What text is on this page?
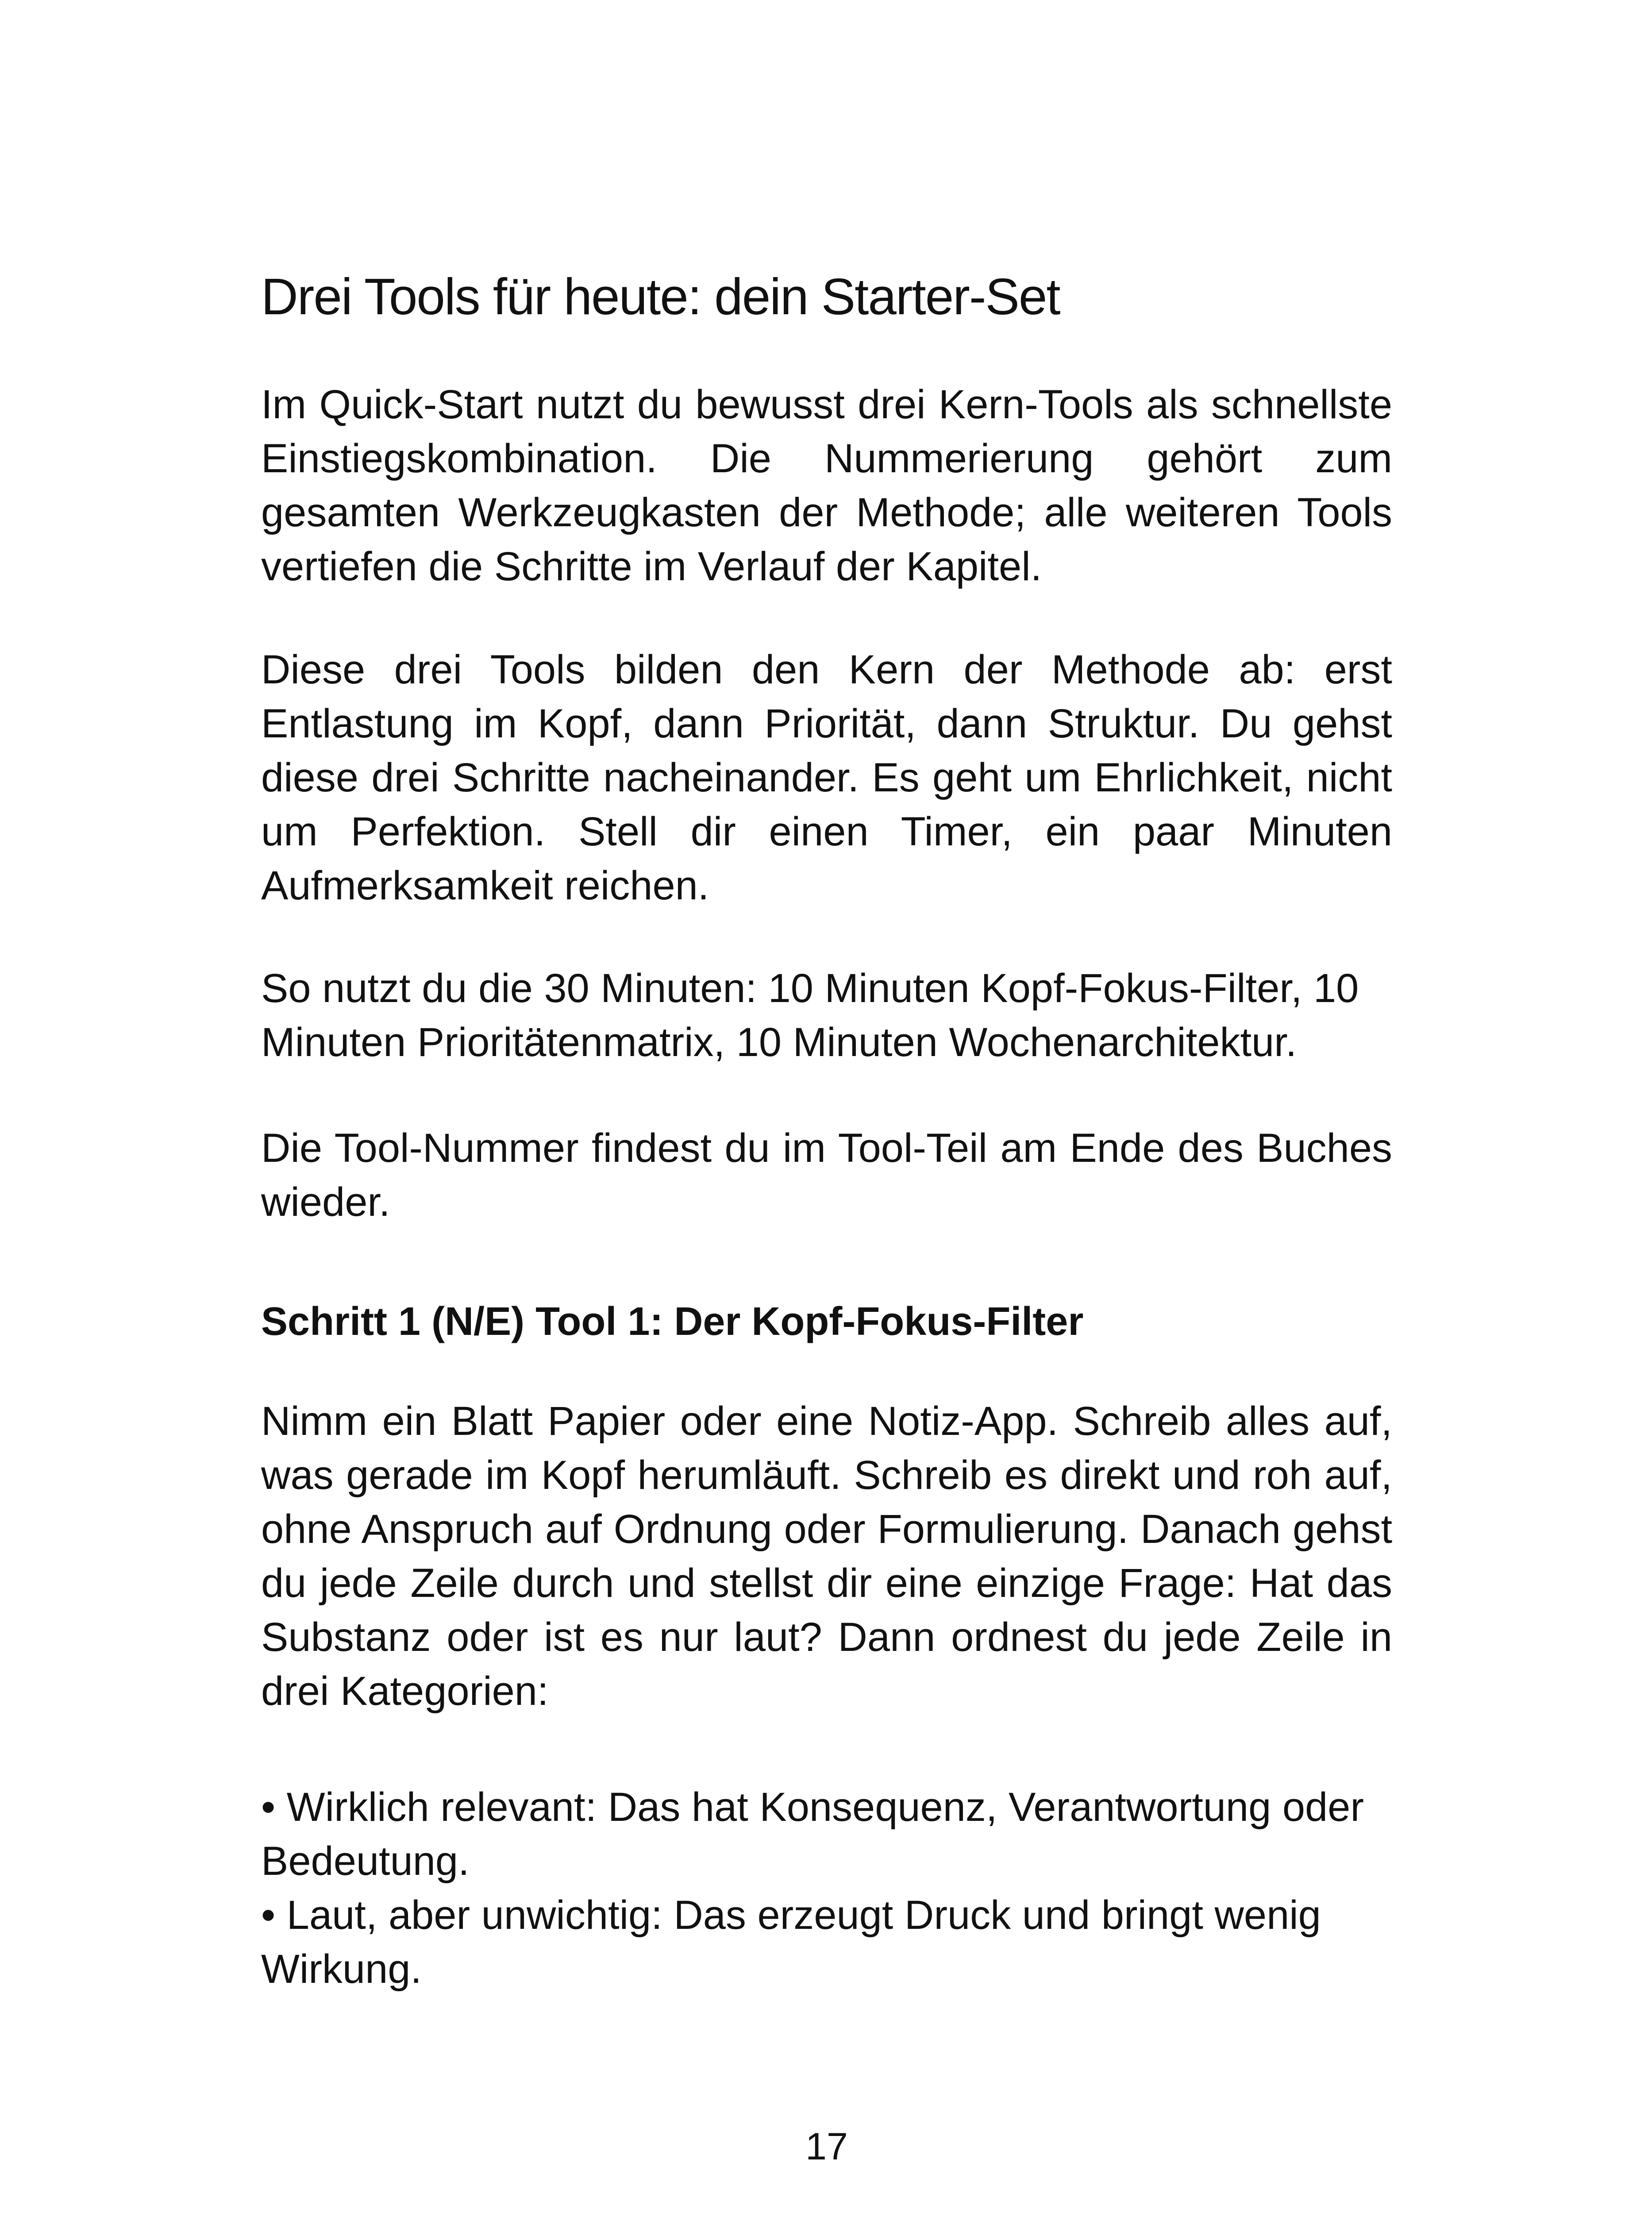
Drei Tools für heute: dein Starter-Set

Im Quick-Start nutzt du bewusst drei Kern-Tools als schnellste Einstiegskombination. Die Nummerierung gehört zum gesamten Werkzeugkasten der Methode; alle weiteren Tools vertiefen die Schritte im Verlauf der Kapitel.

Diese drei Tools bilden den Kern der Methode ab: erst Entlastung im Kopf, dann Priorität, dann Struktur. Du gehst diese drei Schritte nacheinander. Es geht um Ehrlichkeit, nicht um Perfektion. Stell dir einen Timer, ein paar Minuten Aufmerksamkeit reichen.

So nutzt du die 30 Minuten: 10 Minuten Kopf-Fokus-Filter, 10 Minuten Prioritätenmatrix, 10 Minuten Wochenarchitektur.

Die Tool-Nummer findest du im Tool-Teil am Ende des Buches wieder.

Schritt 1 (N/E) Tool 1: Der Kopf-Fokus-Filter

Nimm ein Blatt Papier oder eine Notiz-App. Schreib alles auf, was gerade im Kopf herumläuft. Schreib es direkt und roh auf, ohne Anspruch auf Ordnung oder Formulierung. Danach gehst du jede Zeile durch und stellst dir eine einzige Frage: Hat das Substanz oder ist es nur laut? Dann ordnest du jede Zeile in drei Kategorien:

• Wirklich relevant: Das hat Konsequenz, Verantwortung oder Bedeutung.
• Laut, aber unwichtig: Das erzeugt Druck und bringt wenig Wirkung.
17
